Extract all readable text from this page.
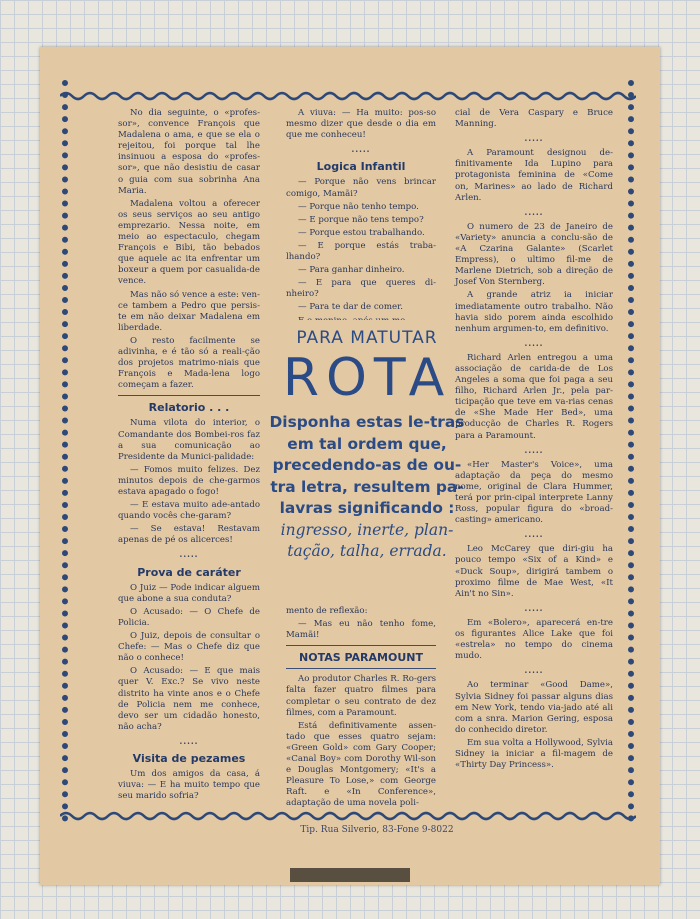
No dia seguinte, o «profes-sor», convence François que Madalena o ama, e que se ela o rejeitou, foi porque tal lhe insinuou a esposa do «profes-sor», que não desistiu de casar o guia com sua sobrinha Ana Maria.

Madalena voltou a oferecer os seus serviços ao seu antigo emprezario. Nessa noite, em meio ao espectaculo, chegam François e Bibi, tão bebados que aquele ac ita enfrentar um boxeur a quem por casualida-de vence.

Mas não só vence a este: ven-ce tambem a Pedro que persis-te em não deixar Madalena em liberdade.

O resto facilmente se adivinha, e é tão só a reali-ção dos projetos matrimo-niais que François e Mada-lena logo começam a fazer.

Relatorio . . .

Numa vilota do interior, o Comandante dos Bombei-ros faz a sua comunicação ao Presidente da Munici-palidade:

— Fomos muito felizes. Dez minutos depois de che-garmos estava apagado o fogo!

— E estava muito ade-antado quando vocês che-garam?

— Se estava! Restavam apenas de pé os alicerces!

.....
Prova de caráter

O Juiz — Pode indicar alguem que abone a sua conduta?

O Acusado: — O Chefe de Policia.

O Juiz, depois de consultar o Chefe: — Mas o Chefe diz que não o conhece!

O Acusado: — E que mais quer V. Exc.? Se vivo neste distrito ha vinte anos e o Chefe de Policia nem me conhece, devo ser um cidadão honesto, não acha?

.....
Visita de pezames

Um dos amigos da casa, á viuva: — E ha muito tempo que seu marido sofria?

A viuva: — Ha muito: pos-so mesmo dizer que desde o dia em que me conheceu!

.....
Logica Infantil

— Porque não vens brincar comigo, Mamãi?

— Porque não tenho tempo.

— E porque não tens tempo?

— Porque estou trabalhando.

— E porque estás traba-lhando?

— Para ganhar dinheiro.

— E para que queres di-nheiro?

— Para te dar de comer.

PARA MATUTAR
ROTA
Disponha estas le-tras em tal ordem que, precedendo-as de ou-tra letra, resultem pa-lavras significando :
ingresso, inerte, plan-tação, talha, errada.

mento de reflexão:

— Mas eu não tenho fome, Mamãi!

NOTAS PARAMOUNT

Ao produtor Charles R. Ro-gers falta fazer quatro filmes para completar o seu contrato de dez filmes, com a Paramount.

Está definitivamente assen-tado que esses quatro sejam: «Green Gold» com Gary Cooper; «Canal Boy» com Dorothy Wil-son e Douglas Montgomery; «It's a Pleasure To Lose,» com George Raft. e «In Conference», adaptação de uma novela poli-

cial de Vera Caspary e Bruce Manning.

.....

A Paramount designou de-finitivamente Ida Lupino para protagonista feminina de «Come on, Marines» ao lado de Richard Arlen.

.....

O numero de 23 de Janeiro de «Variety» anuncia a conclu-são de «A Czarina Galante» (Scarlet Empress), o ultimo fil-me de Marlene Dietrich, sob a direção de Josef Von Sternberg.

A grande atriz ia iniciar imediatamente outro trabalho. Não havia sido porem ainda escolhido nenhum argumen-to, em definitivo.

.....

Richard Arlen entregou a uma associação de carida-de de Los Angeles a soma que foi paga a seu filho, Richard Arlen Jr., pela par-ticipação que teve em va-rias cenas de «She Made Her Bed», uma producção de Charles R. Rogers para a Paramount.

.....

«Her Master's Voice», uma adaptação da peça do mesmo nome, original de Clara Hummer, terá por prin-cipal interprete Lanny Ross, popular figura do «broad-casting» americano.

.....

Leo McCarey que diri-giu ha pouco tempo «Six of a Kind» e «Duck Soup», dirigirá tambem o proximo filme de Mae West, «It Ain't no Sin».

.....

Em «Bolero», aparecerá en-tre os figurantes Alice Lake que foi «estrela» no tempo do cinema mudo.

.....

Ao terminar «Good Dame», Sylvia Sidney foi passar alguns dias em New York, tendo via-jado até ali com a snra. Marion Gering, esposa do conhecido diretor.

Em sua volta a Hollywood, Sylvia Sidney ia iniciar a fil-magem de «Thirty Day Princess».

Tip. Rua Silverio, 83-Fone 9-8022
